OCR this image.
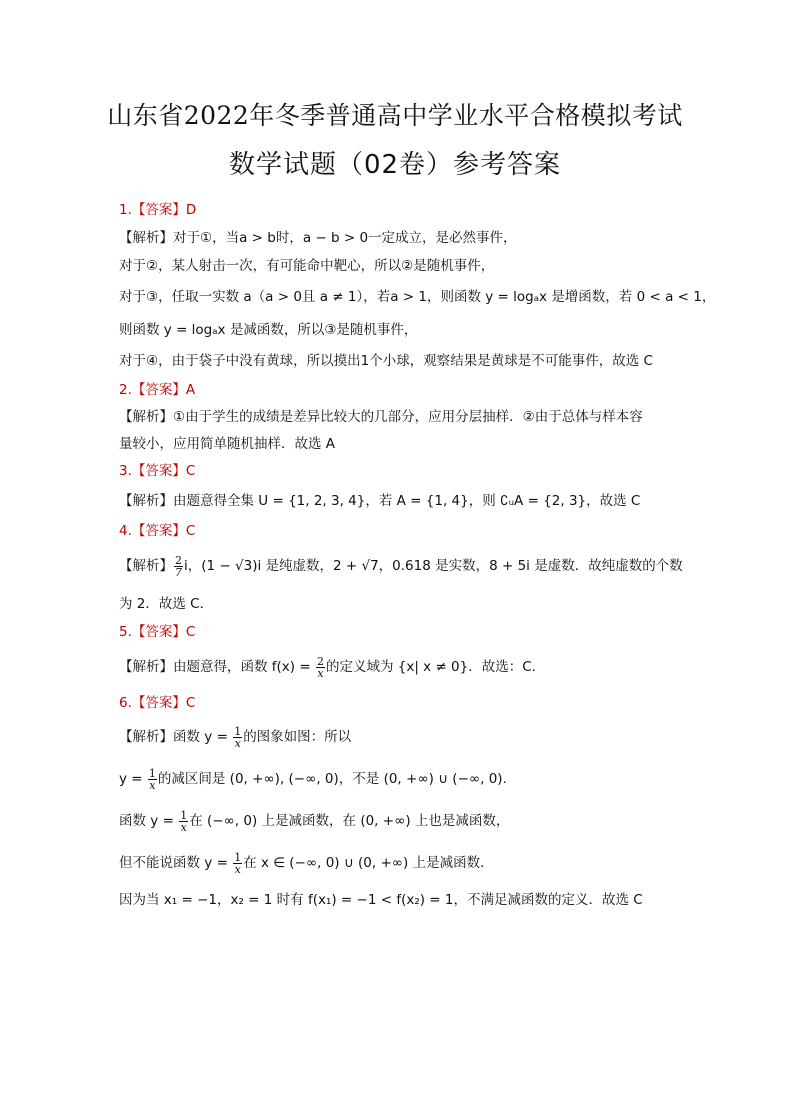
山东省2022年冬季普通高中学业水平合格模拟考试
数学试题（02卷）参考答案
1.【答案】D
【解析】对于①，当a > b时，a − b > 0一定成立，是必然事件，
对于②，某人射击一次，有可能命中靶心，所以②是随机事件，
对于③，任取一实数 a（a > 0且 a ≠ 1），若a > 1，则函数 y = logₐx 是增函数，若 0 < a < 1，
则函数 y = logₐx 是减函数，所以③是随机事件，
对于④，由于袋子中没有黄球，所以摸出1个小球，观察结果是黄球是不可能事件，故选 C
2.【答案】A
【解析】①由于学生的成绩是差异比较大的几部分，应用分层抽样．②由于总体与样本容
量较小，应用简单随机抽样．故选 A
3.【答案】C
【解析】由题意得全集 U = {1, 2, 3, 4}，若 A = {1, 4}，则 ∁ᵤA = {2, 3}，故选 C
4.【答案】C
【解析】 $\frac{2}{7}$ i，(1 − √3)i 是纯虚数，2 + √7，0.618 是实数，8 + 5i 是虚数．故纯虚数的个数
为 2．故选 C．
5.【答案】C
【解析】由题意得，函数 $f(x) = \frac{2}{x}$ 的定义域为 {x| x ≠ 0}．故选：C.
6.【答案】C
【解析】函数 $y = \frac{1}{x}$ 的图象如图：所以
$y = \frac{1}{x}$ 的减区间是 (0, +∞), (−∞, 0)，不是 (0, +∞) ∪ (−∞, 0).
函数 $y = \frac{1}{x}$ 在 (−∞, 0) 上是减函数，在 (0, +∞) 上也是减函数，
但不能说函数 $y = \frac{1}{x}$ 在 x ∈ (−∞, 0) ∪ (0, +∞) 上是减函数．
因为当 x₁ = −1，x₂ = 1 时有 f(x₁) = −1 < f(x₂) = 1，不满足减函数的定义．故选 C
